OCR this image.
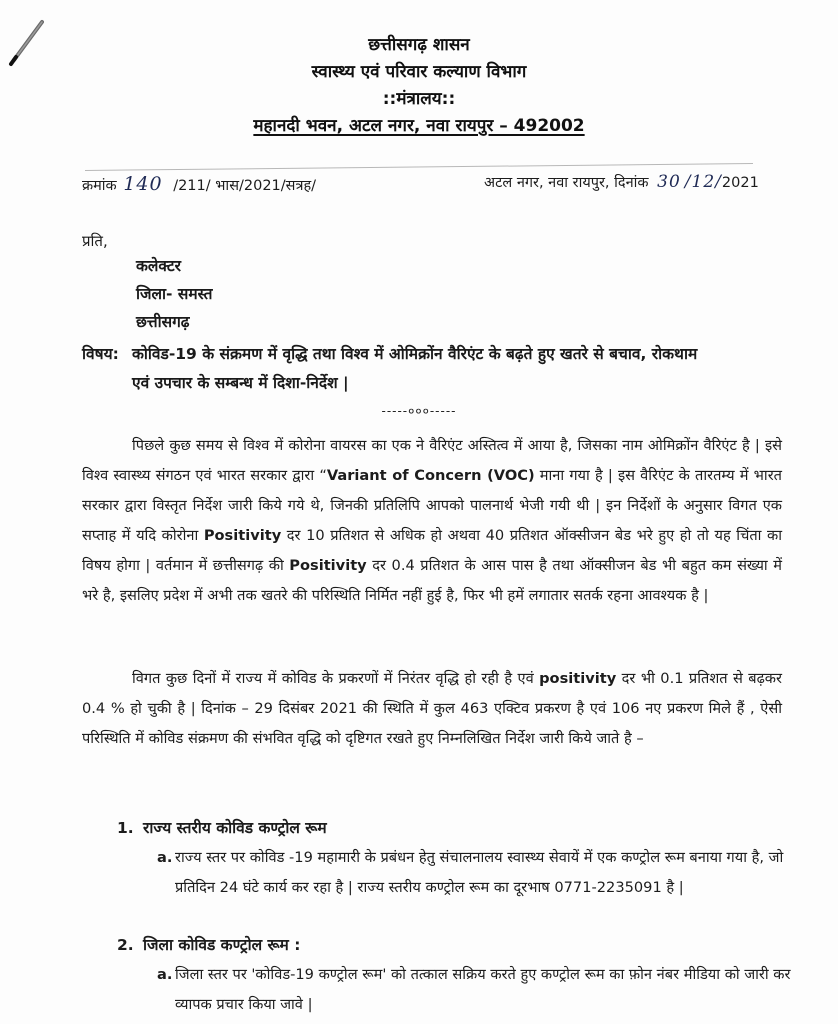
छत्तीसगढ़ शासन
स्वास्थ्य एवं परिवार कल्याण विभाग
::मंत्रालय::
महानदी भवन, अटल नगर, नवा रायपुर – 492002
क्रमांक 140 /211/ भास/2021/सत्रह/	अटल नगर, नवा रायपुर, दिनांक 30 /12/2021
प्रति,
कलेक्टर
जिला- समस्त
छत्तीसगढ़
विषय: कोविड-19 के संक्रमण में वृद्धि तथा विश्व में ओमिक्रोंन वैरिएंट के बढ़ते हुए खतरे से बचाव, रोकथाम
एवं उपचार के सम्बन्ध में दिशा-निर्देश |
-----०००-----
पिछले कुछ समय से विश्व में कोरोना वायरस का एक ने वैरिएंट अस्तित्व में आया है, जिसका नाम ओमिक्रोंन वैरिएंट है | इसे विश्व स्वास्थ्य संगठन एवं भारत सरकार द्वारा “Variant of Concern (VOC) माना गया है | इस वैरिएंट के तारतम्य में भारत सरकार द्वारा विस्तृत निर्देश जारी किये गये थे, जिनकी प्रतिलिपि आपको पालनार्थ भेजी गयी थी | इन निर्देशों के अनुसार विगत एक सप्ताह में यदि कोरोना Positivity दर 10 प्रतिशत से अधिक हो अथवा 40 प्रतिशत ऑक्सीजन बेड भरे हुए हो तो यह चिंता का विषय होगा | वर्तमान में छत्तीसगढ़ की Positivity दर 0.4 प्रतिशत के आस पास है तथा ऑक्सीजन बेड भी बहुत कम संख्या में भरे है, इसलिए प्रदेश में अभी तक खतरे की परिस्थिति निर्मित नहीं हुई है, फिर भी हमें लगातार सतर्क रहना आवश्यक है |
विगत कुछ दिनों में राज्य में कोविड के प्रकरणों में निरंतर वृद्धि हो रही है एवं positivity दर भी 0.1 प्रतिशत से बढ़कर 0.4 % हो चुकी है | दिनांक – 29 दिसंबर 2021 की स्थिति में कुल 463 एक्टिव प्रकरण है एवं 106 नए प्रकरण मिले हैं , ऐसी परिस्थिति में कोविड संक्रमण की संभवित वृद्धि को दृष्टिगत रखते हुए निम्नलिखित निर्देश जारी किये जाते है –
1. राज्य स्तरीय कोविड कण्ट्रोल रूम
a. राज्य स्तर पर कोविड -19 महामारी के प्रबंधन हेतु संचालनालय स्वास्थ्य सेवायें में एक कण्ट्रोल रूम बनाया गया है, जो प्रतिदिन 24 घंटे कार्य कर रहा है | राज्य स्तरीय कण्ट्रोल रूम का दूरभाष 0771-2235091 है |
2. जिला कोविड कण्ट्रोल रूम :
a. जिला स्तर पर 'कोविड-19 कण्ट्रोल रूम' को तत्काल सक्रिय करते हुए कण्ट्रोल रूम का फ़ोन नंबर मीडिया को जारी कर व्यापक प्रचार किया जावे |
